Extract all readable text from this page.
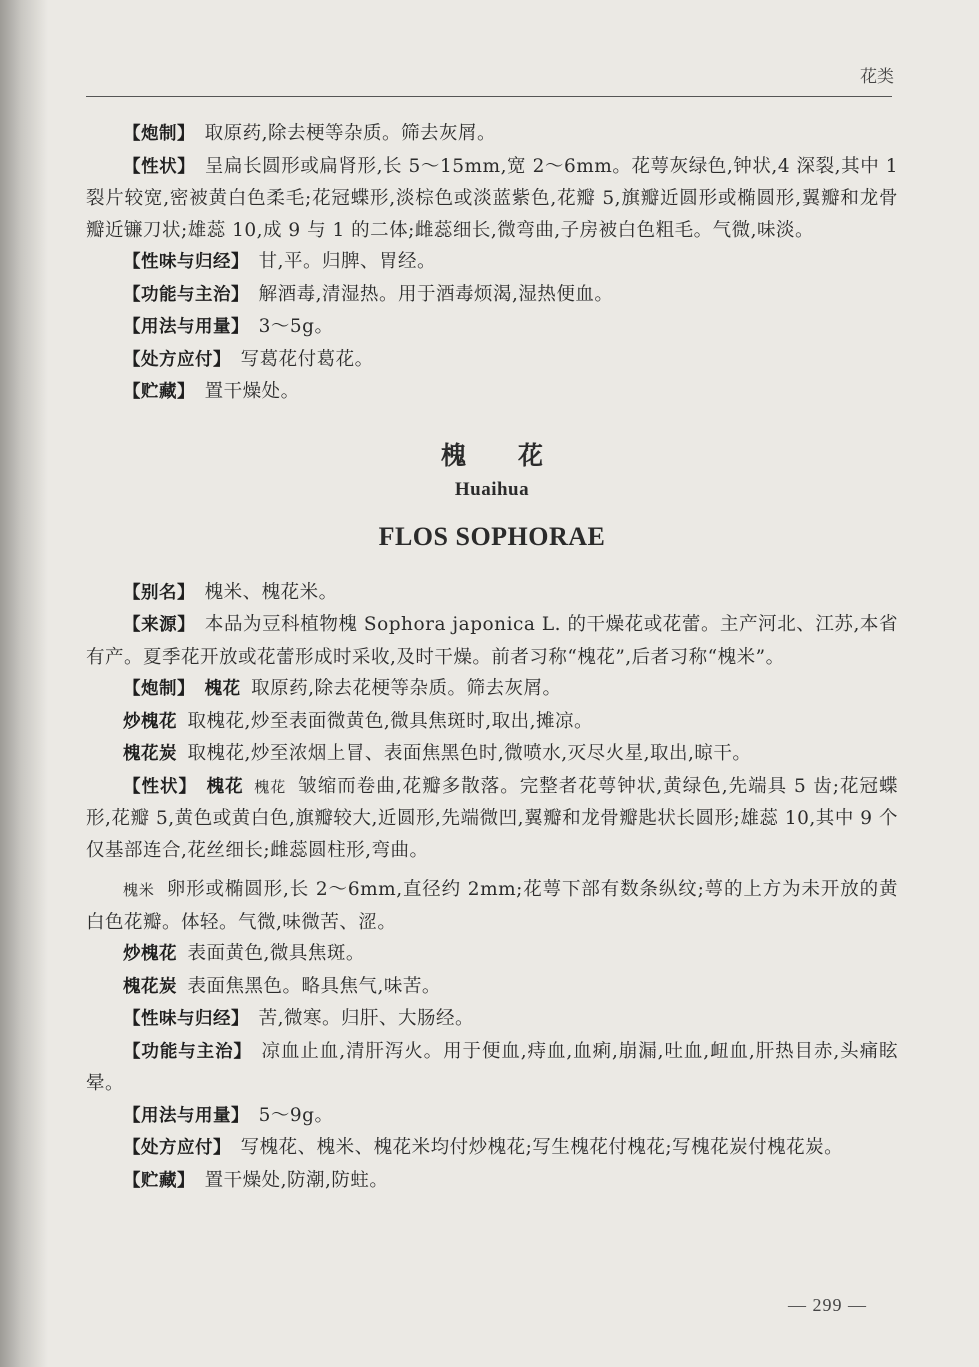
花类

【炮制】 取原药,除去梗等杂质。筛去灰屑。

【性状】 呈扁长圆形或扁肾形,长 5～15mm,宽 2～6mm。花萼灰绿色,钟状,4 深裂,其中 1 裂片较宽,密被黄白色柔毛;花冠蝶形,淡棕色或淡蓝紫色,花瓣 5,旗瓣近圆形或椭圆形,翼瓣和龙骨瓣近镰刀状;雄蕊 10,成 9 与 1 的二体;雌蕊细长,微弯曲,子房被白色粗毛。气微,味淡。

【性味与归经】 甘,平。归脾、胃经。

【功能与主治】 解酒毒,清湿热。用于酒毒烦渴,湿热便血。

【用法与用量】 3～5g。

【处方应付】 写葛花付葛花。

【贮藏】 置干燥处。

槐花
Huaihua
FLOS SOPHORAE

【别名】 槐米、槐花米。

【来源】 本品为豆科植物槐 Sophora japonica L. 的干燥花或花蕾。主产河北、江苏,本省有产。夏季花开放或花蕾形成时采收,及时干燥。前者习称“槐花”,后者习称“槐米”。

【炮制】 槐花 取原药,除去花梗等杂质。筛去灰屑。

炒槐花 取槐花,炒至表面微黄色,微具焦斑时,取出,摊凉。

槐花炭 取槐花,炒至浓烟上冒、表面焦黑色时,微喷水,灭尽火星,取出,晾干。

【性状】 槐花 槐花 皱缩而卷曲,花瓣多散落。完整者花萼钟状,黄绿色,先端具 5 齿;花冠蝶形,花瓣 5,黄色或黄白色,旗瓣较大,近圆形,先端微凹,翼瓣和龙骨瓣匙状长圆形;雄蕊 10,其中 9 个仅基部连合,花丝细长;雌蕊圆柱形,弯曲。

槐米 卵形或椭圆形,长 2～6mm,直径约 2mm;花萼下部有数条纵纹;萼的上方为未开放的黄白色花瓣。体轻。气微,味微苦、涩。

炒槐花 表面黄色,微具焦斑。

槐花炭 表面焦黑色。略具焦气,味苦。

【性味与归经】 苦,微寒。归肝、大肠经。

【功能与主治】 凉血止血,清肝泻火。用于便血,痔血,血痢,崩漏,吐血,衄血,肝热目赤,头痛眩晕。

【用法与用量】 5～9g。

【处方应付】 写槐花、槐米、槐花米均付炒槐花;写生槐花付槐花;写槐花炭付槐花炭。

【贮藏】 置干燥处,防潮,防蛀。

— 299 —
